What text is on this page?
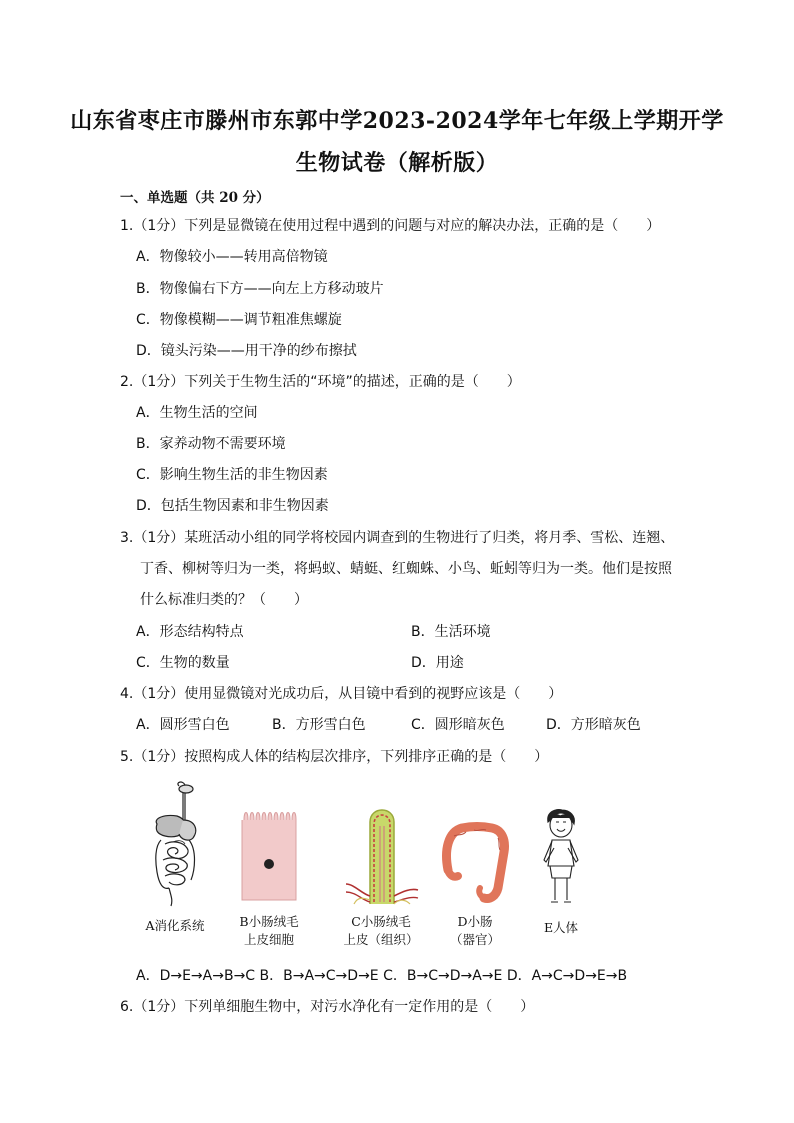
山东省枣庄市滕州市东郭中学2023-2024学年七年级上学期开学
生物试卷（解析版）
一、单选题（共 20 分）
1.（1分）下列是显微镜在使用过程中遇到的问题与对应的解决办法，正确的是（　　）
A．物像较小——转用高倍物镜
B．物像偏右下方——向左上方移动玻片
C．物像模糊——调节粗准焦螺旋
D．镜头污染——用干净的纱布擦拭
2.（1分）下列关于生物生活的“环境”的描述，正确的是（　　）
A．生物生活的空间
B．家养动物不需要环境
C．影响生物生活的非生物因素
D．包括生物因素和非生物因素
3.（1分）某班活动小组的同学将校园内调查到的生物进行了归类，将月季、雪松、连翘、
丁香、柳树等归为一类，将蚂蚁、蜻蜓、红蜘蛛、小鸟、蚯蚓等归为一类。他们是按照
什么标准归类的？（　　）
A．形态结构特点	B．生活环境
C．生物的数量	D．用途
4.（1分）使用显微镜对光成功后，从目镜中看到的视野应该是（　　）
A．圆形雪白色	B．方形雪白色	C．圆形暗灰色	D．方形暗灰色
5.（1分）按照构成人体的结构层次排序，下列排序正确的是（　　）
A消化系统	B小肠绒毛
上皮细胞
C小肠绒毛
上皮（组织）
D小肠
（器官）
E人体
A．D→E→A→B→C B．B→A→C→D→E C．B→C→D→A→E D．A→C→D→E→B
6.（1分）下列单细胞生物中，对污水净化有一定作用的是（　　）
